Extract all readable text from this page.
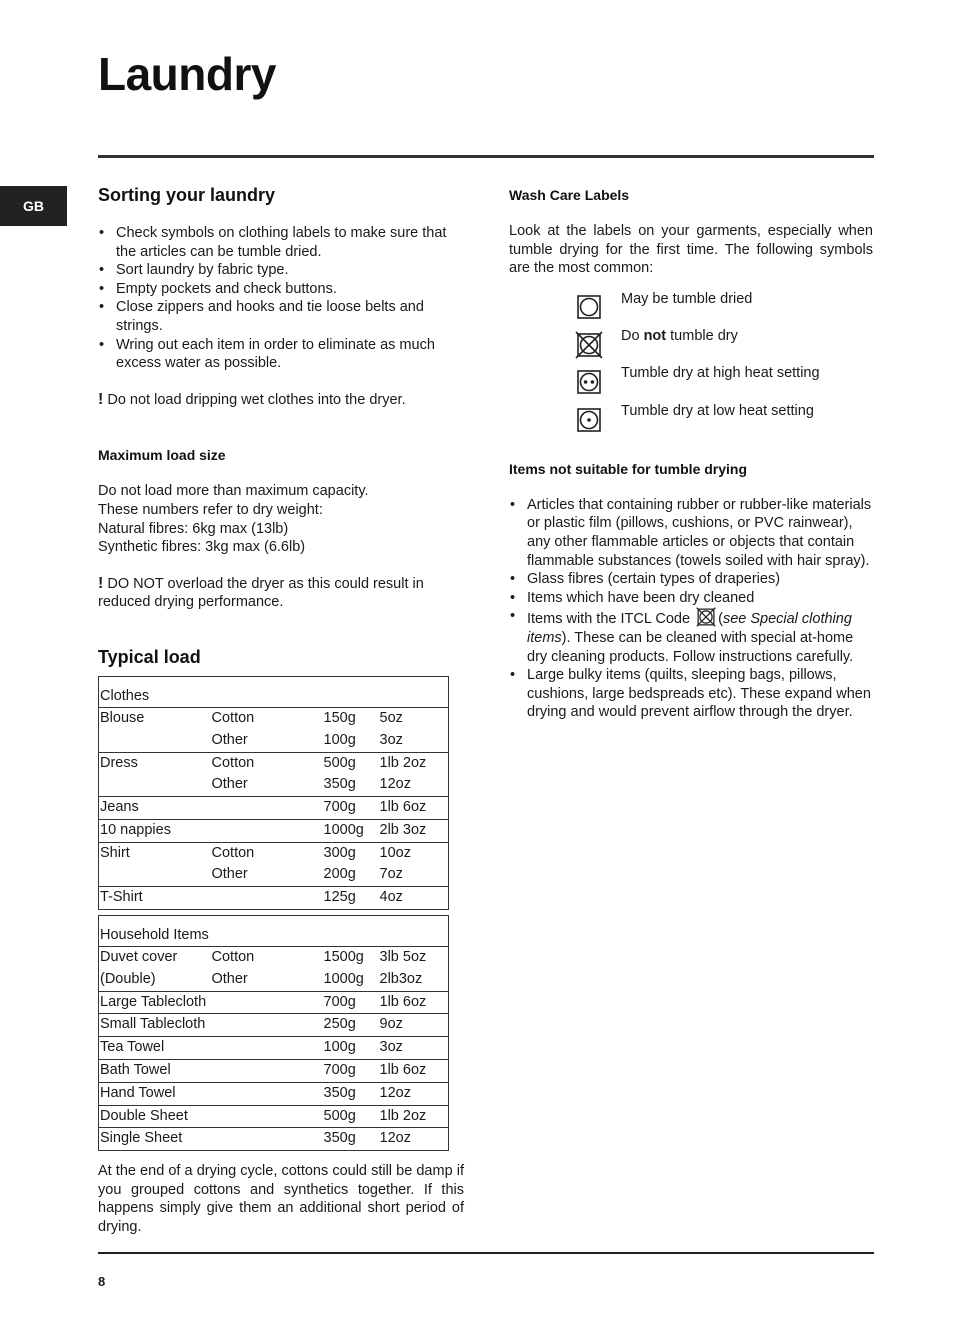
Laundry
GB
Sorting your laundry
• Check symbols on clothing labels to make sure that the articles can be tumble dried.
• Sort laundry by fabric type.
• Empty pockets and check buttons.
• Close zippers and hooks and tie loose belts and strings.
• Wring out each item in order to eliminate as much excess water as possible.

! Do not load dripping wet clothes into the dryer.

Maximum load size
Do not load more than maximum capacity.
These numbers refer to dry weight:
Natural fibres: 6kg max (13lb)
Synthetic fibres: 3kg max (6.6lb)

! DO NOT overload the dryer as this could result in reduced drying performance.

Typical load
Clothes			
Blouse	Cotton	150g	5oz
	Other	100g	3oz
Dress	Cotton	500g	1lb 2oz
	Other	350g	12oz
Jeans		700g	1lb 6oz
10 nappies		1000g	2lb 3oz
Shirt	Cotton	300g	10oz
	Other	200g	7oz
T-Shirt		125g	4oz
Household Items			
Duvet cover	Cotton	1500g	3lb 5oz
(Double)	Other	1000g	2lb3oz
Large Tablecloth		700g	1lb 6oz
Small Tablecloth		250g	9oz
Tea Towel		100g	3oz
Bath Towel		700g	1lb 6oz
Hand Towel		350g	12oz
Double Sheet		500g	1lb 2oz
Single Sheet		350g	12oz

At the end of a drying cycle, cottons could still be damp if you grouped cottons and synthetics together. If this happens simply give them an additional short period of drying.

Wash Care Labels

Look at the labels on your garments, especially when tumble drying for the first time. The following symbols are the most common:

May be tumble dried
Do not tumble dry
Tumble dry at high heat setting
Tumble dry at low heat setting
Items not suitable for tumble drying
• Articles that containing rubber or rubber-like materials or plastic film (pillows, cushions, or PVC rainwear), any other flammable articles or objects that contain flammable substances (towels soiled with hair spray).
• Glass fibres (certain types of draperies)
• Items which have been dry cleaned
• Items with the ITCL Code (see Special clothing items). These can be cleaned with special at-home dry cleaning products. Follow instructions carefully.
• Large bulky items (quilts, sleeping bags, pillows, cushions, large bedspreads etc). These expand when drying and would prevent airflow through the dryer.
8
